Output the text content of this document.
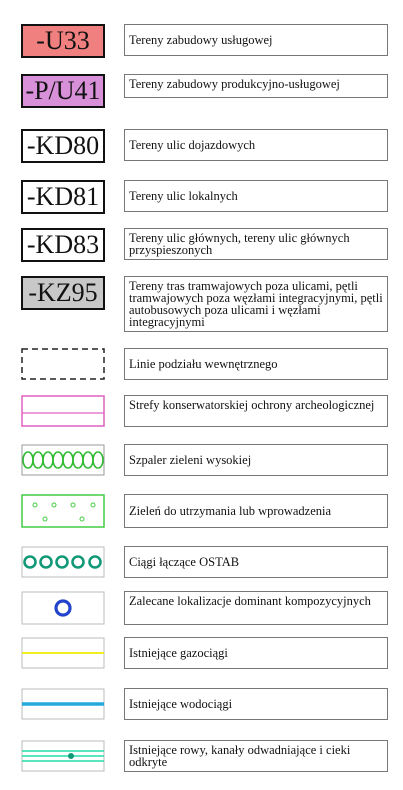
-U33	Tereny zabudowy usługowej
-P/U41	Tereny zabudowy produkcyjno-usługowej
-KD80	Tereny ulic dojazdowych
-KD81	Tereny ulic lokalnych
-KD83	Tereny ulic głównych, tereny ulic głównych przyspieszonych
-KZ95	Tereny tras tramwajowych poza ulicami, pętli tramwajowych poza węzłami integracyjnymi, pętli autobusowych poza ulicami i węzłami integracyjnymi
Linie podziału wewnętrznego
Strefy konserwatorskiej ochrony archeologicznej
Szpaler zieleni wysokiej
Zieleń do utrzymania lub wprowadzenia
Ciągi łączące OSTAB
Zalecane lokalizacje dominant kompozycyjnych
Istniejące gazociągi
Istniejące wodociągi
Istniejące rowy, kanały odwadniające i cieki odkryte
